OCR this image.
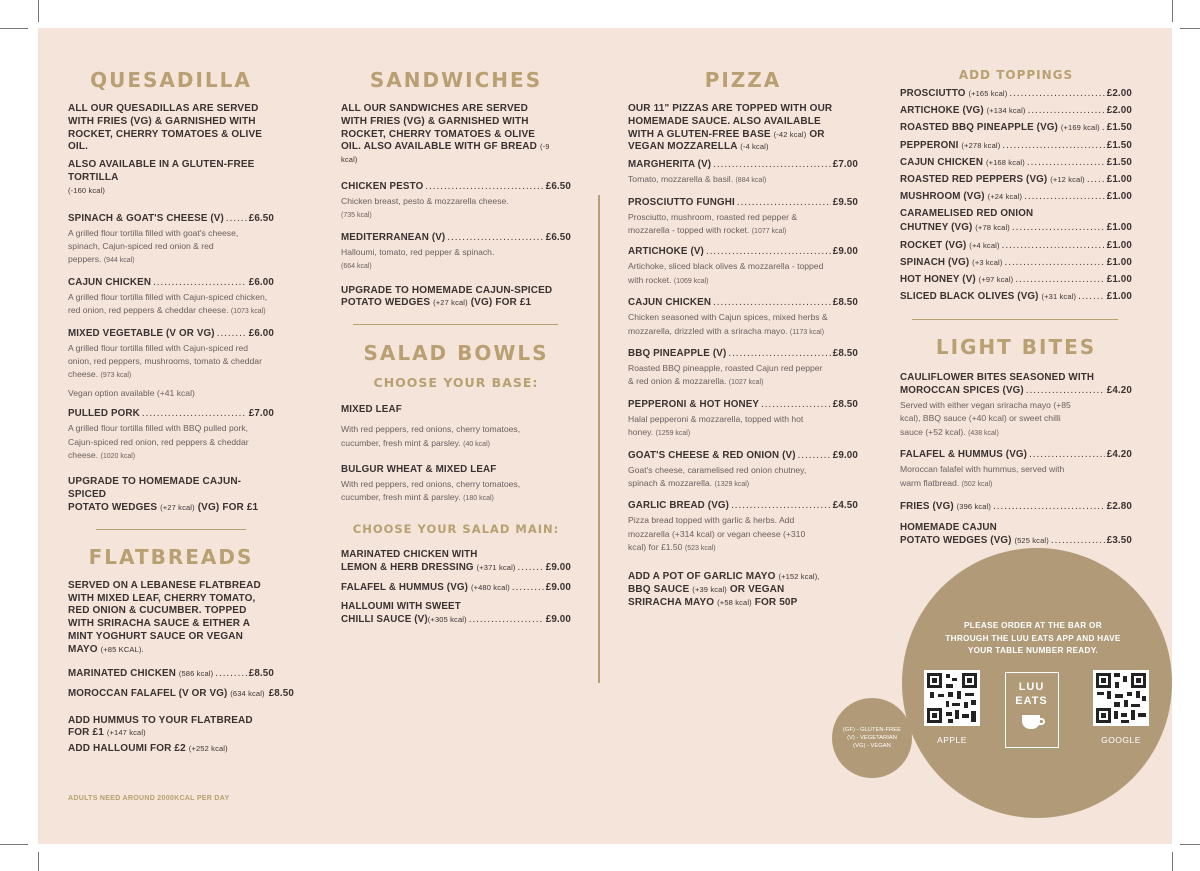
QUESADILLA
ALL OUR QUESADILLAS ARE SERVED WITH FRIES (VG) & GARNISHED WITH ROCKET, CHERRY TOMATOES & OLIVE OIL.
ALSO AVAILABLE IN A GLUTEN-FREE TORTILLA
(-160 kcal)
SPINACH & GOAT'S CHEESE (V) .....	£6.50
A grilled flour tortilla filled with goat's cheese, spinach, Cajun-spiced red onion & red peppers. (944 kcal)
CAJUN CHICKEN .....	£6.00
A grilled flour tortilla filled with Cajun-spiced chicken, red onion, red peppers & cheddar cheese. (1073 kcal)
MIXED VEGETABLE (V OR VG) .....	£6.00
A grilled flour tortilla filled with Cajun-spiced red onion, red peppers, mushrooms, tomato & cheddar cheese. (973 kcal)
Vegan option available (+41 kcal)
PULLED PORK .....	£7.00
A grilled flour tortilla filled with BBQ pulled pork, Cajun-spiced red onion, red peppers & cheddar cheese. (1020 kcal)
UPGRADE TO HOMEMADE CAJUN-SPICED
POTATO WEDGES (+27 kcal) (VG) FOR £1
FLATBREADS
SERVED ON A LEBANESE FLATBREAD WITH MIXED LEAF, CHERRY TOMATO, RED ONION & CUCUMBER. TOPPED WITH SRIRACHA SAUCE & EITHER A MINT YOGHURT SAUCE OR VEGAN MAYO (+85 KCAL).
MARINATED CHICKEN
(586 kcal) .....	£8.50
MOROCCAN FALAFEL (V OR VG)
(634 kcal) £8.50
ADD HUMMUS TO YOUR FLATBREAD
FOR £1 (+147 kcal)
ADD HALLOUMI FOR £2 (+252 kcal)
ADULTS NEED AROUND 2000KCAL PER DAY
SANDWICHES
ALL OUR SANDWICHES ARE SERVED WITH FRIES (VG) & GARNISHED WITH ROCKET, CHERRY TOMATOES & OLIVE OIL. ALSO AVAILABLE WITH GF BREAD (-9 kcal)
CHICKEN PESTO .....	£6.50
Chicken breast, pesto & mozzarella cheese.
(735 kcal)
MEDITERRANEAN (V) .....	£6.50
Halloumi, tomato, red pepper & spinach.
(664 kcal)
UPGRADE TO HOMEMADE CAJUN-SPICED
POTATO WEDGES (+27 kcal) (VG) FOR £1
SALAD BOWLS
CHOOSE YOUR BASE:
MIXED LEAF
With red peppers, red onions, cherry tomatoes, cucumber, fresh mint & parsley. (40 kcal)
BULGUR WHEAT & MIXED LEAF
With red peppers, red onions, cherry tomatoes, cucumber, fresh mint & parsley. (180 kcal)
CHOOSE YOUR SALAD MAIN:
MARINATED CHICKEN WITH
LEMON & HERB DRESSING
(+371 kcal) .....	£9.00
FALAFEL & HUMMUS (VG)
(+480 kcal) .....	£9.00
HALLOUMI WITH SWEET
CHILLI SAUCE (V) (+305 kcal) .....	£9.00
PIZZA
OUR 11" PIZZAS ARE TOPPED WITH OUR HOMEMADE SAUCE. ALSO AVAILABLE WITH A GLUTEN-FREE BASE (-42 kcal) OR VEGAN MOZZARELLA (-4 kcal)
MARGHERITA (V) .....	£7.00
Tomato, mozzarella & basil. (884 kcal)
PROSCIUTTO FUNGHI .....	£9.50
Prosciutto, mushroom, roasted red pepper & mozzarella - topped with rocket. (1077 kcal)
ARTICHOKE (V) .....	£9.00
Artichoke, sliced black olives & mozzarella - topped with rocket. (1069 kcal)
CAJUN CHICKEN .....	£8.50
Chicken seasoned with Cajun spices, mixed herbs & mozzarella, drizzled with a sriracha mayo. (1173 kcal)
BBQ PINEAPPLE (V) .....	£8.50
Roasted BBQ pineapple, roasted Cajun red pepper & red onion & mozzarella. (1027 kcal)
PEPPERONI & HOT HONEY .....	£8.50
Halal pepperoni & mozzarella, topped with hot honey. (1259 kcal)
GOAT'S CHEESE & RED ONION (V) .....	£9.00
Goat's cheese, caramelised red onion chutney, spinach & mozzarella. (1329 kcal)
GARLIC BREAD (VG) .....	£4.50
Pizza bread topped with garlic & herbs. Add mozzarella (+314 kcal) or vegan cheese (+310 kcal) for £1.50 (523 kcal)
ADD A POT OF GARLIC MAYO (+152 kcal),
BBQ SAUCE (+39 kcal) OR VEGAN
SRIRACHA MAYO (+58 kcal) FOR 50P
ADD TOPPINGS
PROSCIUTTO
(+165 kcal) .....	£2.00
ARTICHOKE (VG)
(+134 kcal) .....	£2.00
ROASTED BBQ PINEAPPLE (VG)
(+169 kcal) ..... £1.50
PEPPERONI
(+278 kcal) .....	£1.50
CAJUN CHICKEN
(+168 kcal) .....	£1.50
ROASTED RED PEPPERS (VG)
(+12 kcal) ..... £1.00
MUSHROOM (VG)
(+24 kcal) .....	£1.00
CARAMELISED RED ONION
CHUTNEY (VG)
(+78 kcal) .....	£1.00
ROCKET (VG)
(+4 kcal) .....	£1.00
SPINACH (VG)
(+3 kcal) .....	£1.00
HOT HONEY (V)
(+97 kcal) .....	£1.00
SLICED BLACK OLIVES (VG)
(+31 kcal) .....	£1.00
LIGHT BITES
CAULIFLOWER BITES SEASONED WITH
MOROCCAN SPICES (VG) .....	£4.20
Served with either vegan sriracha mayo (+85 kcal), BBQ sauce (+40 kcal) or sweet chilli sauce (+52 kcal). (438 kcal)
FALAFEL & HUMMUS (VG) .....	£4.20
Moroccan falafel with hummus, served with warm flatbread. (502 kcal)
FRIES (VG)
(396 kcal) .....	£2.80
HOMEMADE CAJUN
POTATO WEDGES (VG)
(525 kcal) .....	£3.50
PLEASE ORDER AT THE BAR OR THROUGH THE LUU EATS APP AND HAVE YOUR TABLE NUMBER READY.
APPLE
LUU
EATS
GOOGLE
(GF) - GLUTEN-FREE
(V) - VEGETARIAN
(VG) - VEGAN
